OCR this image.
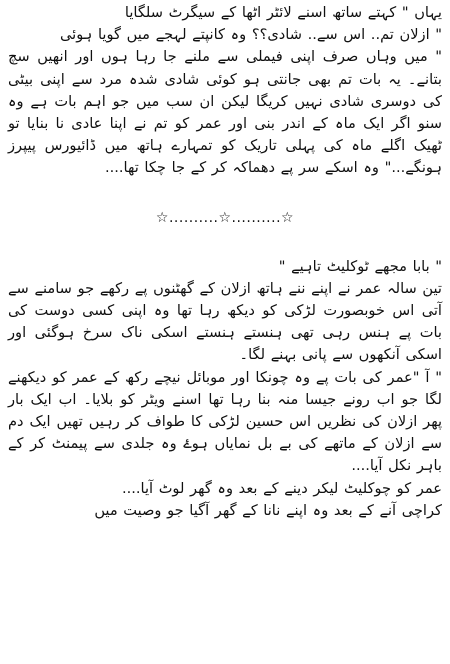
یہاں " کہتے ساتھ اسنے لائٹر اٹھا کے سیگرٹ سلگایا

" ازلان تم.. اس سے.. شادی؟؟ وہ کانپتے لہجے میں گویا ہوئی

" میں وہاں صرف اپنی فیملی سے ملنے جا رہا ہوں اور انھیں سچ بتانے۔ یہ بات تم بھی جانتی ہو کوئی شادی شدہ مرد سے اپنی بیٹی کی دوسری شادی نہیں کریگا لیکن ان سب میں جو اہم بات ہے وہ سنو اگر ایک ماہ کے اندر بنی اور عمر کو تم نے اپنا عادی نا بنایا تو ٹھیک اگلے ماہ کی پہلی تاریک کو تمہارے ہاتھ میں ڈائیورس پیپرز ہونگے..." وہ اسکے سر پے دھماکہ کر کے جا چکا تھا....

☆..........☆..........☆

" بابا مجھے ٹوکلیٹ تاہیے "

تین سالہ عمر نے اپنے ننے ہاتھ ازلان کے گھٹنوں پے رکھے جو سامنے سے آتی اس خوبصورت لڑکی کو دیکھ رہا تھا وہ اپنی کسی دوست کی بات پے ہنس رہی تھی ہنستے ہنستے اسکی ناک سرخ ہوگئی اور اسکی آنکھوں سے پانی بہنے لگا۔

" آ "عمر کی بات پے وہ چونکا اور موبائل نیچے رکھ کے عمر کو دیکھنے لگا جو اب رونے جیسا منہ بنا رہا تھا اسنے ویٹر کو بلایا۔ اب ایک بار پھر ازلان کی نظریں اس حسین لڑکی کا طواف کر رہیں تھیں ایک دم سے ازلان کے ماتھے کی بے بل نمایاں ہوۓ وہ جلدی سے پیمنٹ کر کے باہر نکل آیا....

عمر کو چوکلیٹ لیکر دینے کے بعد وہ گھر لوٹ آیا....

کراچی آنے کے بعد وہ اپنے نانا کے گھر آگیا جو وصیت میں
